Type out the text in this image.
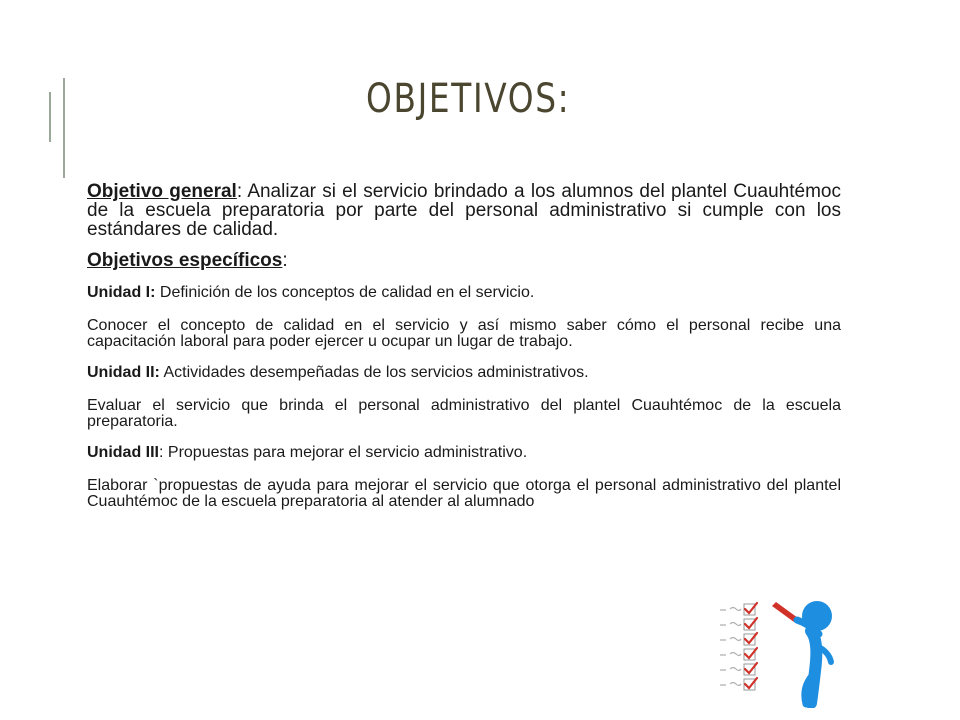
OBJETIVOS:

Objetivo general: Analizar si el servicio brindado a los alumnos del plantel Cuauhtémoc de la escuela preparatoria por parte del personal administrativo si cumple con los estándares de calidad.

Objetivos específicos:

Unidad I: Definición de los conceptos de calidad en el servicio.

Conocer el concepto de calidad en el servicio y así mismo saber cómo el personal recibe una capacitación laboral para poder ejercer u ocupar un lugar de trabajo.

Unidad II: Actividades desempeñadas de los servicios administrativos.

Evaluar el servicio que brinda el personal administrativo del plantel Cuauhtémoc de la escuela preparatoria.

Unidad III: Propuestas para mejorar el servicio administrativo.

Elaborar `propuestas de ayuda para mejorar el servicio que otorga el personal administrativo del plantel Cuauhtémoc de la escuela preparatoria al atender al alumnado
